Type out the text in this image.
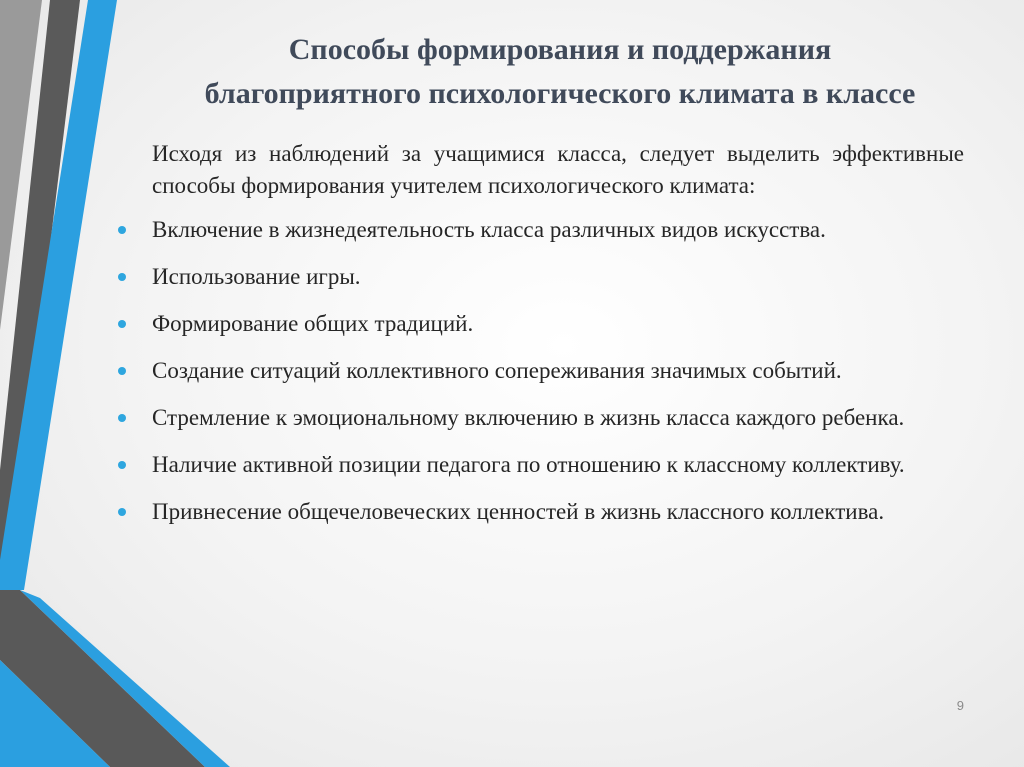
Способы формирования и поддержания
благоприятного психологического климата в классе

Исходя из наблюдений за учащимися класса, следует выделить эффективные способы формирования учителем психологического климата:

Включение в жизнедеятельность класса различных видов искусства.
Использование игры.
Формирование общих традиций.
Создание ситуаций коллективного сопереживания значимых событий.
Стремление к эмоциональному включению в жизнь класса каждого ребенка.
Наличие активной позиции педагога по отношению к классному коллективу.
Привнесение общечеловеческих ценностей в жизнь классного коллектива.
9
